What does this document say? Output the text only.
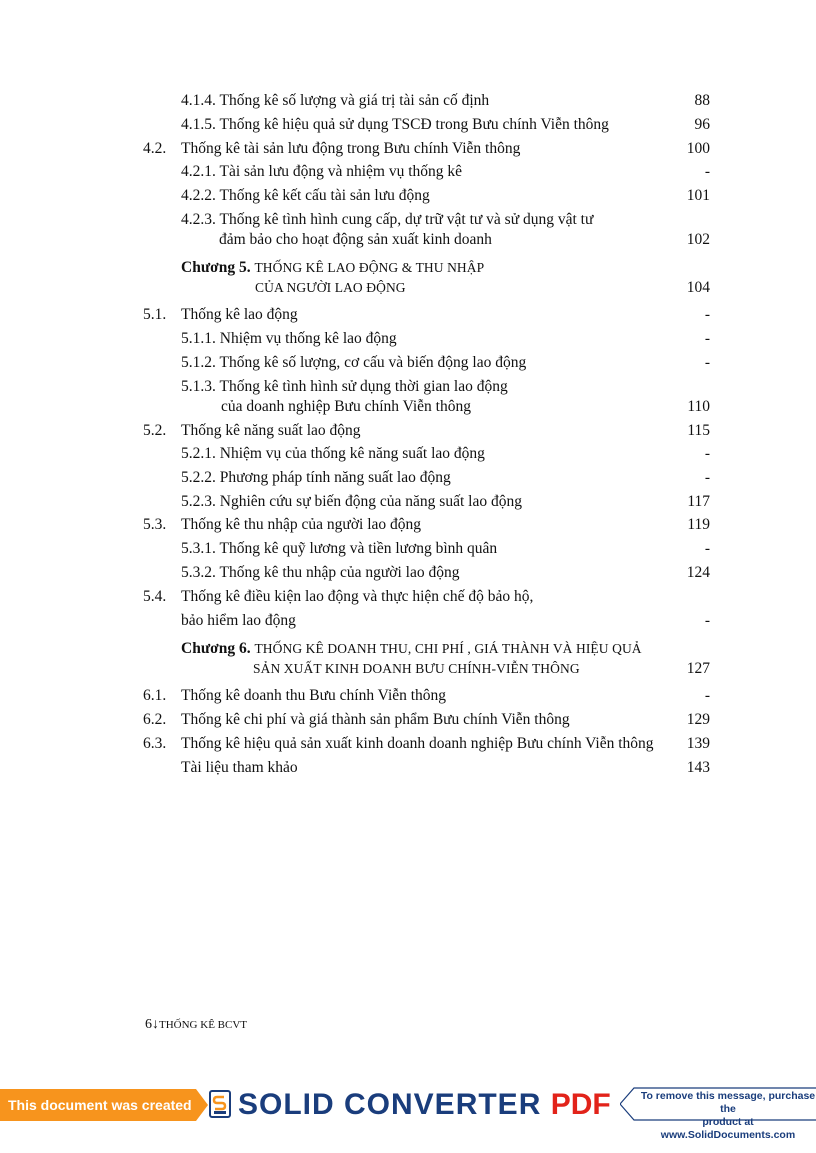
4.1.4. Thống kê số lượng và giá trị tài sản cố định	88
4.1.5. Thống kê hiệu quả sử dụng TSCĐ trong Bưu chính Viễn thông	96
4.2. Thống kê tài sản lưu động trong Bưu chính Viễn thông	100
4.2.1. Tài sản lưu động và nhiệm vụ thống kê	-
4.2.2. Thống kê kết cấu tài sản lưu động	101
4.2.3. Thống kê tình hình cung cấp, dự trữ vật tư và sử dụng vật tư
đảm bảo cho hoạt động sản xuất kinh doanh	102
Chương 5. THỐNG KÊ LAO ĐỘNG & THU NHẬP
CỦA NGƯỜI LAO ĐỘNG	104
5.1. Thống kê lao động	-
5.1.1. Nhiệm vụ thống kê lao động	-
5.1.2. Thống kê số lượng, cơ cấu và biến động lao động	-
5.1.3. Thống kê tình hình sử dụng thời gian lao động
của doanh nghiệp Bưu chính Viễn thông	110
5.2. Thống kê năng suất lao động	115
5.2.1. Nhiệm vụ của thống kê năng suất lao động	-
5.2.2. Phương pháp tính năng suất lao động	-
5.2.3. Nghiên cứu sự biến động của năng suất lao động	117
5.3. Thống kê thu nhập của người lao động	119
5.3.1. Thống kê quỹ lương và tiền lương bình quân	-
5.3.2. Thống kê thu nhập của người lao động	124
5.4. Thống kê điều kiện lao động và thực hiện chế độ bảo hộ,
bảo hiểm lao động	-
Chương 6. THỐNG KÊ DOANH THU, CHI PHÍ , GIÁ THÀNH VÀ HIỆU QUẢ
SẢN XUẤT KINH DOANH BƯU CHÍNH-VIỄN THÔNG	127
6.1. Thống kê doanh thu Bưu chính Viễn thông	-
6.2. Thống kê chi phí và giá thành sản phẩm Bưu chính Viễn thông	129
6.3. Thống kê hiệu quả sản xuất kinh doanh doanh nghiệp Bưu chính Viễn thông 139
Tài liệu tham khảo	143
6↓THỐNG KÊ BCVT
This document was created using
SOLID CONVERTER PDF	To remove this message, purchase the
product at www.SolidDocuments.com
